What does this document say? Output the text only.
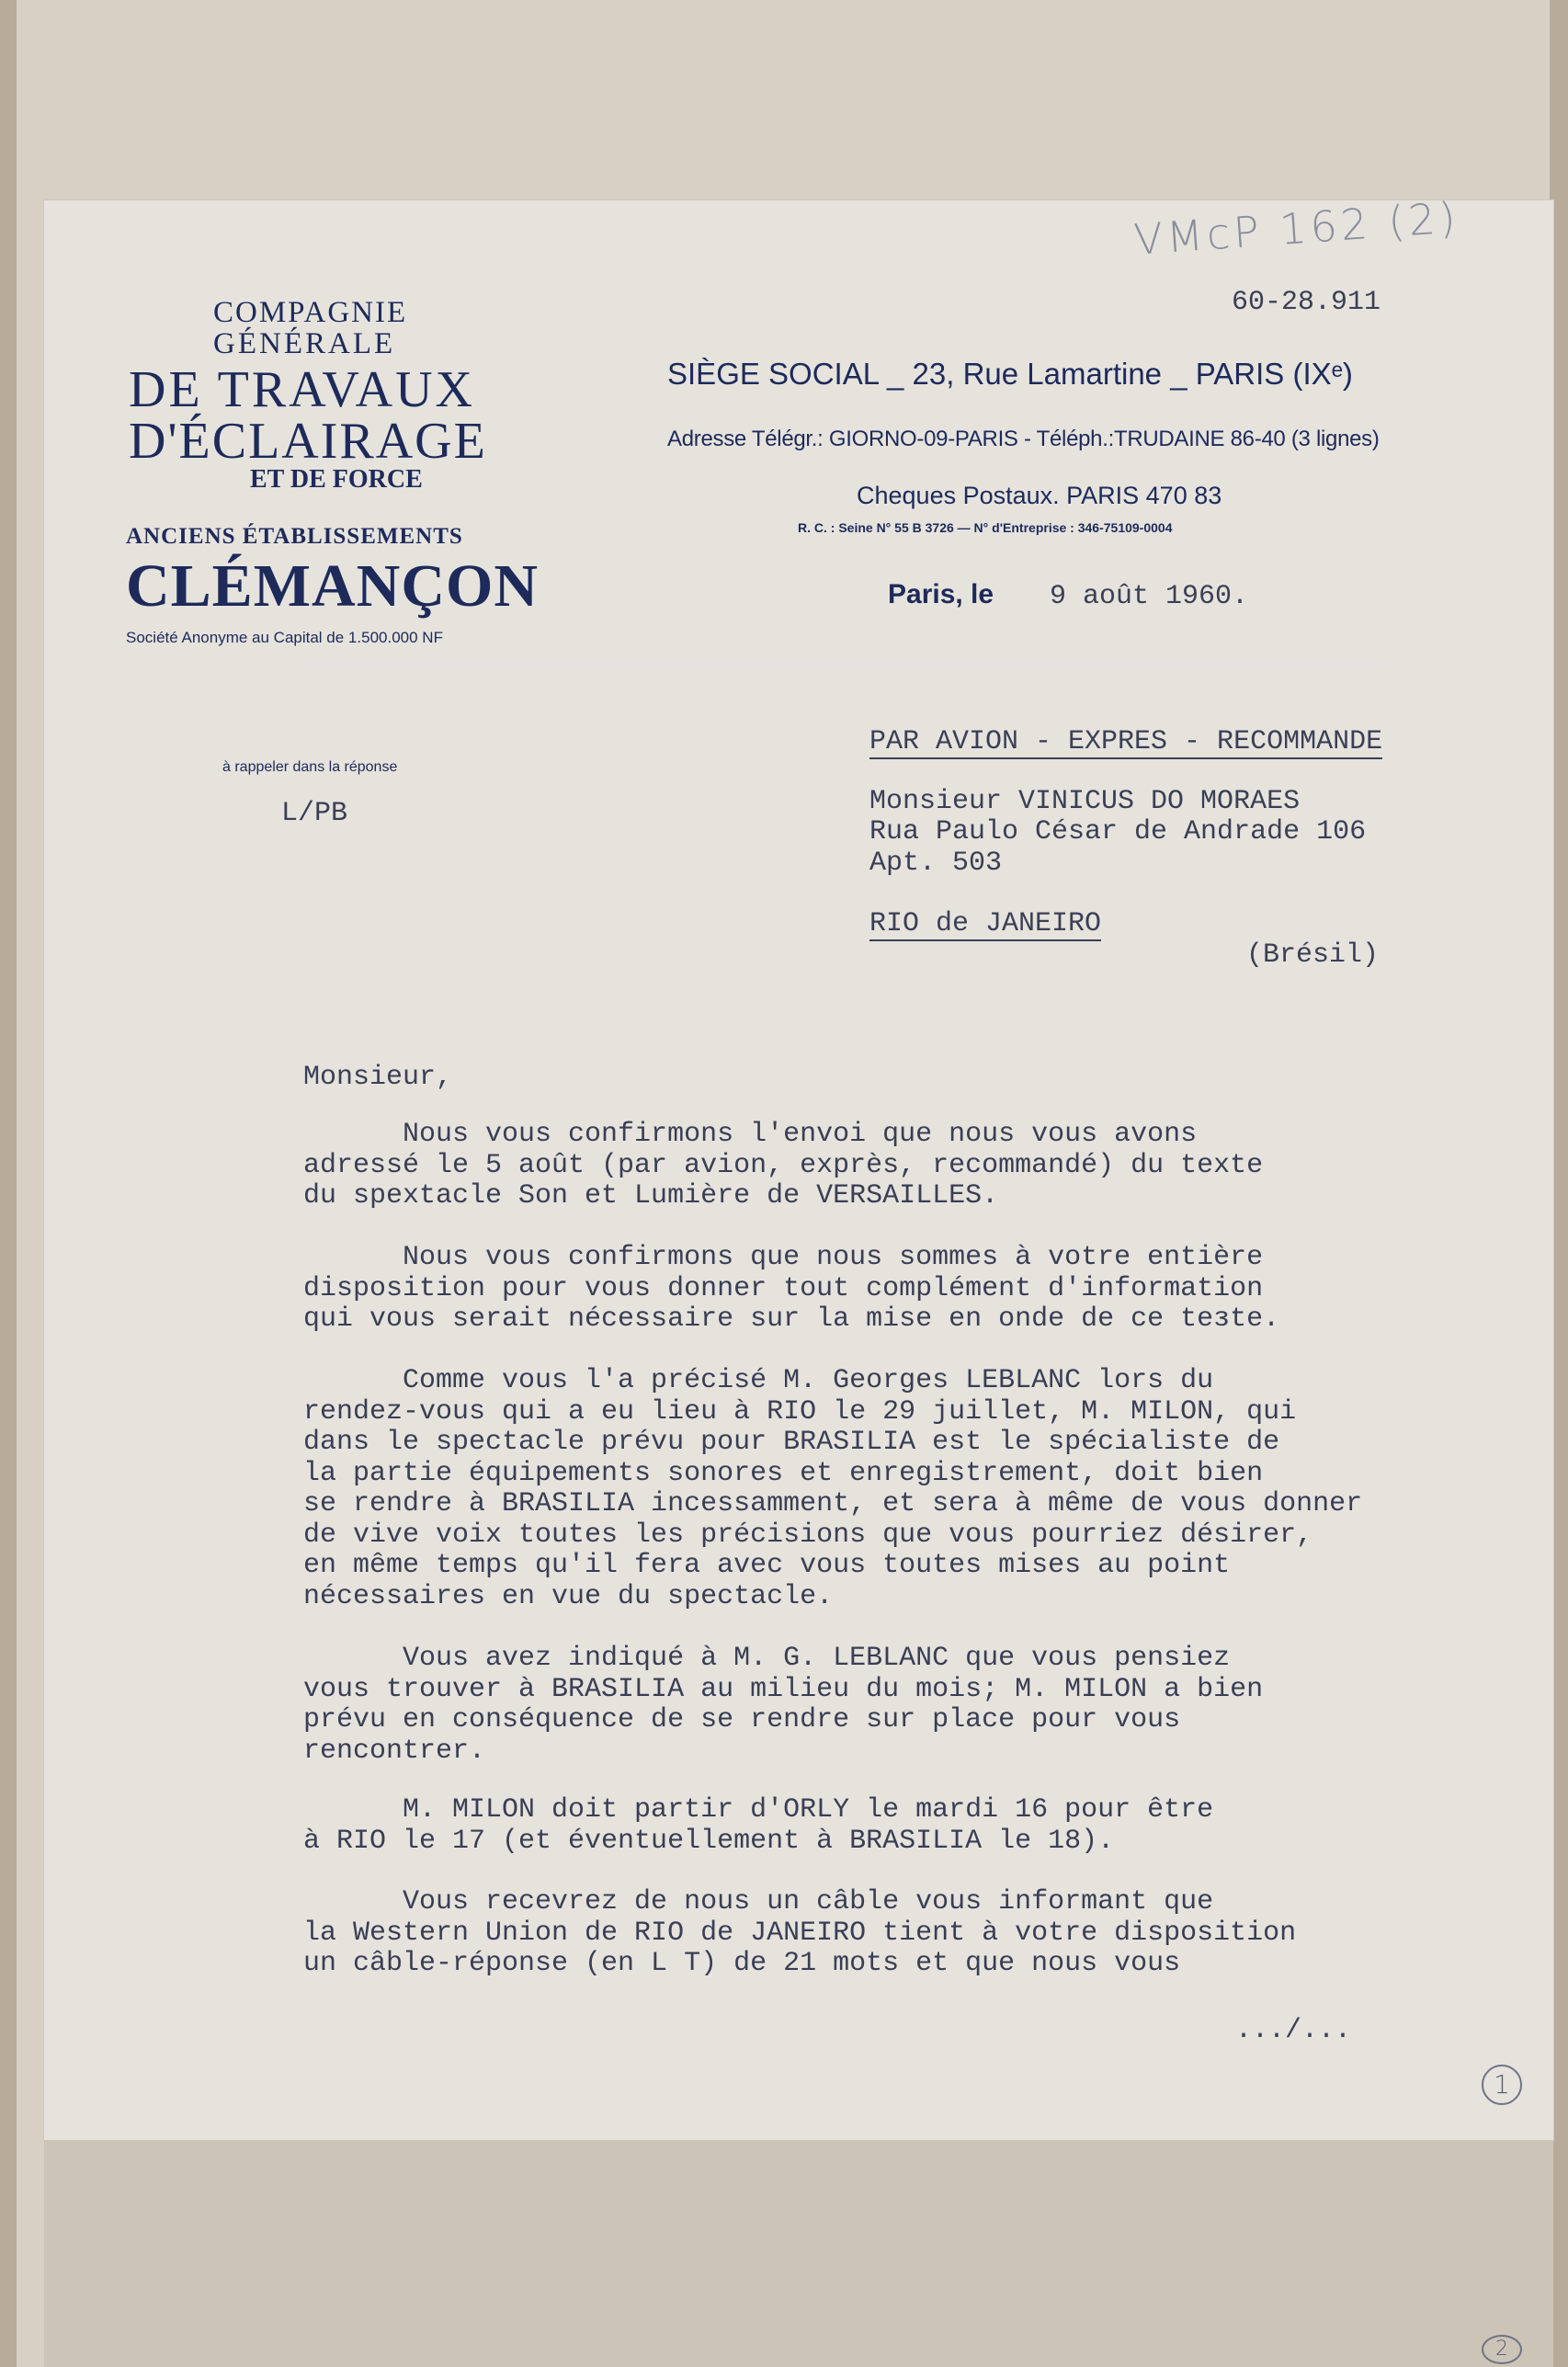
VMcP 162 (2)
60-28.911
COMPAGNIE
GÉNÉRALE
DE TRAVAUX
D'ÉCLAIRAGE
ET DE FORCE
ANCIENS ÉTABLISSEMENTS
CLÉMANÇON
Société Anonyme au Capital de 1.500.000 NF
SIÈGE SOCIAL _ 23, Rue Lamartine _ PARIS (IXᵉ)
Adresse Télégr.: GIORNO-09-PARIS - Téléph.:TRUDAINE 86-40 (3 lignes)
Cheques Postaux. PARIS 470 83
R. C. : Seine N° 55 B 3726 — N° d'Entreprise : 346-75109-0004
Paris, le 9 août 1960.
à rappeler dans la réponse
L/PB
PAR AVION - EXPRES - RECOMMANDE
Monsieur VINICUS DO MORAES
Rua Paulo César de Andrade 106
Apt. 503
RIO de JANEIRO
(Brésil)
Monsieur,
Nous vous confirmons l'envoi que nous vous avons
adressé le 5 août (par avion, exprès, recommandé) du texte
du spextacle Son et Lumière de VERSAILLES.
Nous vous confirmons que nous sommes à votre entière
disposition pour vous donner tout complément d'information
qui vous serait nécessaire sur la mise en onde de ce teзte.
Comme vous l'a précisé M. Georges LEBLANC lors du
rendez-vous qui a eu lieu à RIO le 29 juillet, M. MILON, qui
dans le spectacle prévu pour BRASILIA est le spécialiste de
la partie équipements sonores et enregistrement, doit bien
se rendre à BRASILIA incessamment, et sera à même de vous donner
de vive voix toutes les précisions que vous pourriez désirer,
en même temps qu'il fera avec vous toutes mises au point
nécessaires en vue du spectacle.
Vous avez indiqué à M. G. LEBLANC que vous pensiez
vous trouver à BRASILIA au milieu du mois; M. MILON a bien
prévu en conséquence de se rendre sur place pour vous
rencontrer.
M. MILON doit partir d'ORLY le mardi 16 pour être
à RIO le 17 (et éventuellement à BRASILIA le 18).
Vous recevrez de nous un câble vous informant que
la Western Union de RIO de JANEIRO tient à votre disposition
un câble-réponse (en L T) de 21 mots et que nous vous
.../...
1
2
